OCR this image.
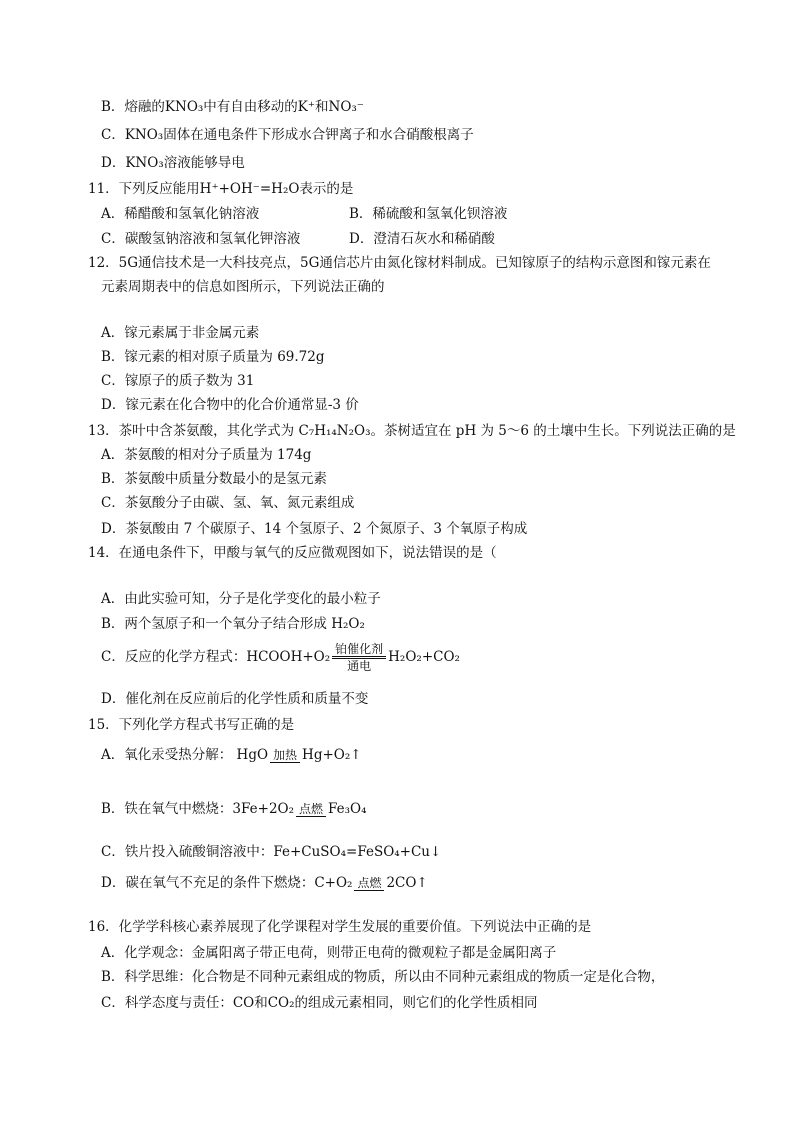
B．熔融的KNO₃中有自由移动的K⁺和NO₃⁻
C．KNO₃固体在通电条件下形成水合钾离子和水合硝酸根离子
D．KNO₃溶液能够导电
11．下列反应能用H⁺+OH⁻=H₂O表示的是
A．稀醋酸和氢氧化钠溶液	B．稀硫酸和氢氧化钡溶液
C．碳酸氢钠溶液和氢氧化钾溶液	D．澄清石灰水和稀硝酸
12．5G通信技术是一大科技亮点，5G通信芯片由氮化镓材料制成。已知镓原子的结构示意图和镓元素在
元素周期表中的信息如图所示，下列说法正确的
A．镓元素属于非金属元素
B．镓元素的相对原子质量为 69.72g
C．镓原子的质子数为 31
D．镓元素在化合物中的化合价通常显-3 价
13．茶叶中含茶氨酸，其化学式为 C₇H₁₄N₂O₃。茶树适宜在 pH 为 5～6 的土壤中生长。下列说法正确的是
A．茶氨酸的相对分子质量为 174g
B．茶氨酸中质量分数最小的是氢元素
C．茶氨酸分子由碳、氢、氧、氮元素组成
D．茶氨酸由 7 个碳原子、14 个氢原子、2 个氮原子、3 个氧原子构成
14．在通电条件下，甲酸与氧气的反应微观图如下，说法错误的是（
A．由此实验可知，分子是化学变化的最小粒子
B．两个氢原子和一个氧分子结合形成 H₂O₂
C．反应的化学方程式：HCOOH+O₂ 铂催化剂
通电
H₂O₂+CO₂
D．催化剂在反应前后的化学性质和质量不变
15．下列化学方程式书写正确的是
A．氧化汞受热分解： HgO 加热 Hg+O₂↑
B．铁在氧气中燃烧：3Fe+2O₂ 点燃 Fe₃O₄
C．铁片投入硫酸铜溶液中：Fe+CuSO₄=FeSO₄+Cu↓
D．碳在氧气不充足的条件下燃烧：C+O₂ 点燃 2CO↑
16．化学学科核心素养展现了化学课程对学生发展的重要价值。下列说法中正确的是
A．化学观念：金属阳离子带正电荷，则带正电荷的微观粒子都是金属阳离子
B．科学思维：化合物是不同种元素组成的物质，所以由不同种元素组成的物质一定是化合物，
C．科学态度与责任：CO和CO₂的组成元素相同，则它们的化学性质相同
